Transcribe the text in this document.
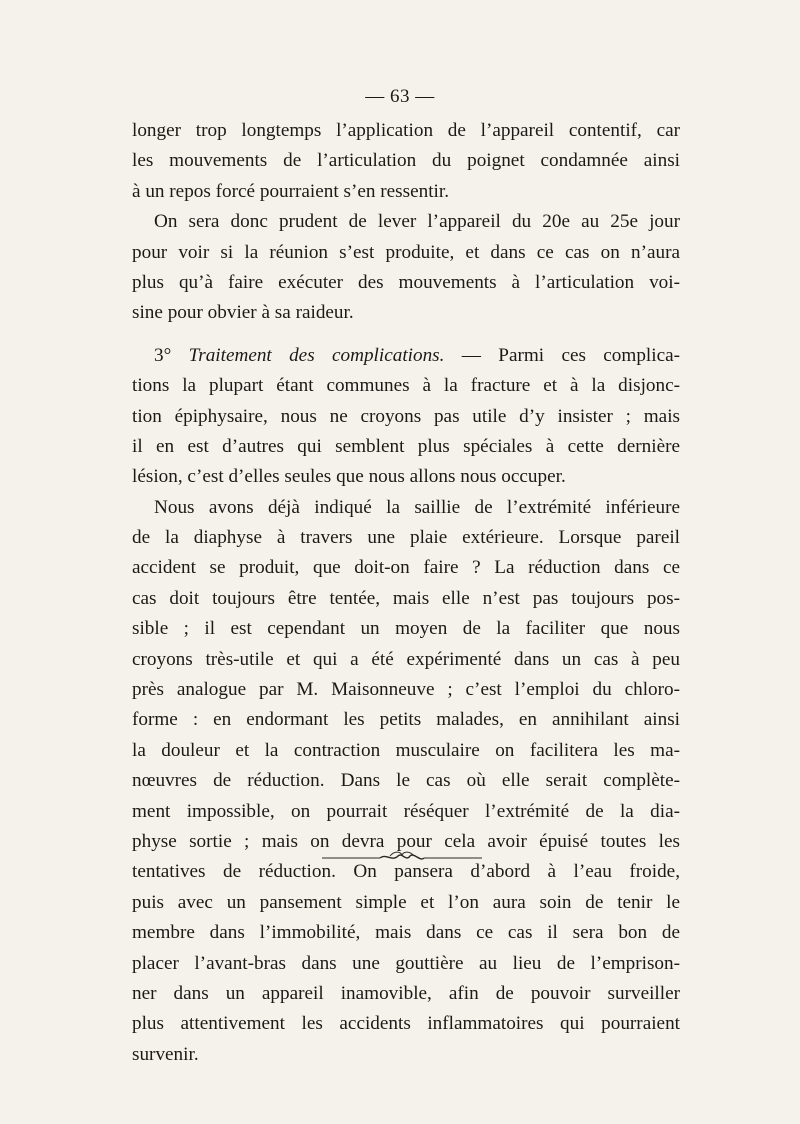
— 63 —
longer trop longtemps l’application de l’appareil contentif, car
les mouvements de l’articulation du poignet condamnée ainsi
à un repos forcé pourraient s’en ressentir.
On sera donc prudent de lever l’appareil du 20e au 25e jour
pour voir si la réunion s’est produite, et dans ce cas on n’aura
plus qu’à faire exécuter des mouvements à l’articulation voi-
sine pour obvier à sa raideur.
3° Traitement des complications. — Parmi ces complica-
tions la plupart étant communes à la fracture et à la disjonc-
tion épiphysaire, nous ne croyons pas utile d’y insister ; mais
il en est d’autres qui semblent plus spéciales à cette dernière
lésion, c’est d’elles seules que nous allons nous occuper.
Nous avons déjà indiqué la saillie de l’extrémité inférieure
de la diaphyse à travers une plaie extérieure. Lorsque pareil
accident se produit, que doit-on faire ? La réduction dans ce
cas doit toujours être tentée, mais elle n’est pas toujours pos-
sible ; il est cependant un moyen de la faciliter que nous
croyons très-utile et qui a été expérimenté dans un cas à peu
près analogue par M. Maisonneuve ; c’est l’emploi du chloro-
forme : en endormant les petits malades, en annihilant ainsi
la douleur et la contraction musculaire on facilitera les ma-
nœuvres de réduction. Dans le cas où elle serait complète-
ment impossible, on pourrait réséquer l’extrémité de la dia-
physe sortie ; mais on devra pour cela avoir épuisé toutes les
tentatives de réduction. On pansera d’abord à l’eau froide,
puis avec un pansement simple et l’on aura soin de tenir le
membre dans l’immobilité, mais dans ce cas il sera bon de
placer l’avant-bras dans une gouttière au lieu de l’emprison-
ner dans un appareil inamovible, afin de pouvoir surveiller
plus attentivement les accidents inflammatoires qui pourraient
survenir.
